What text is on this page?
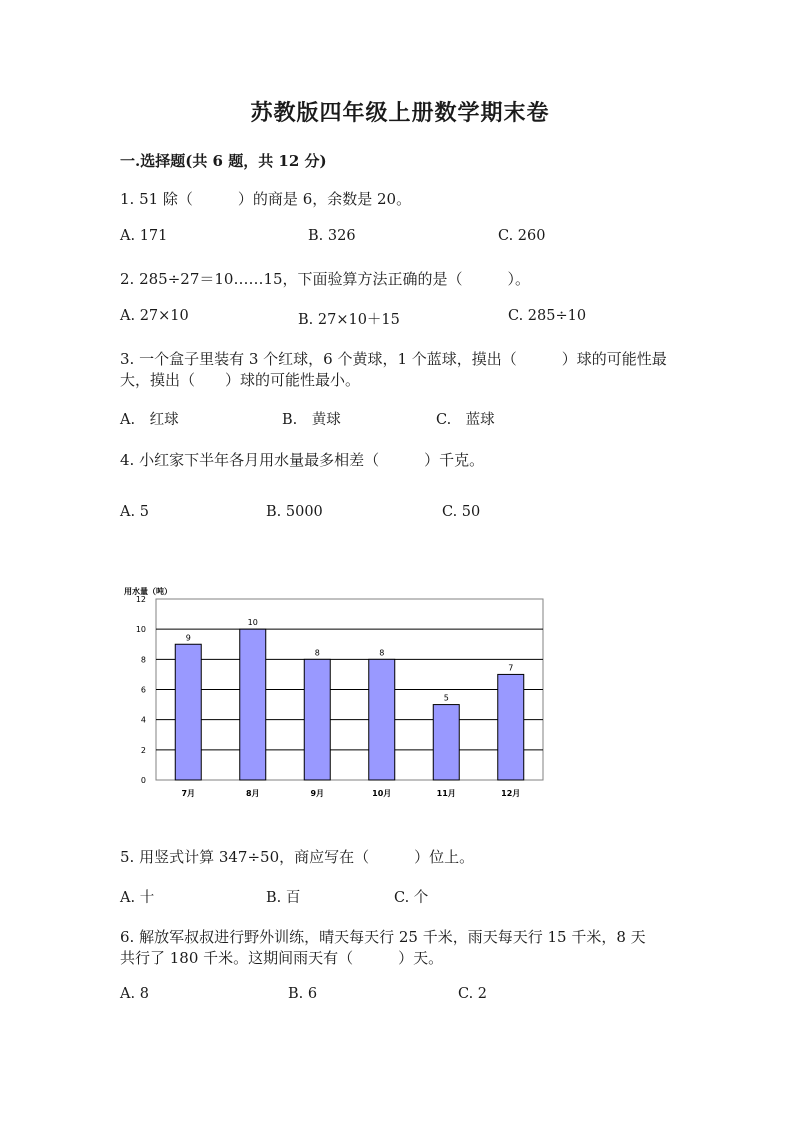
苏教版四年级上册数学期末卷
一.选择题(共 6 题，共 12 分)
1. 51 除（　　　）的商是 6，余数是 20。
A. 171	B. 326	C. 260
2. 285÷27＝10……15，下面验算方法正确的是（　　　）。
A. 27×10	B. 27×10＋15	C. 285÷10
3. 一个盒子里装有 3 个红球，6 个黄球，1 个蓝球，摸出（　　　）球的可能性最
大，摸出（　　）球的可能性最小。
A.　红球	B.　黄球	C.　蓝球
4. 小红家下半年各月用水量最多相差（　　　）千克。
A. 5	B. 5000	C. 50
用水量（吨）
0
2
4
6
8
10
12
9
7月
10
8月
8
9月
8
10月
5
11月
7
12月
5. 用竖式计算 347÷50，商应写在（　　　）位上。
A. 十	B. 百	C. 个
6. 解放军叔叔进行野外训练，晴天每天行 25 千米，雨天每天行 15 千米，8 天
共行了 180 千米。这期间雨天有（　　　）天。
A. 8	B. 6	C. 2
